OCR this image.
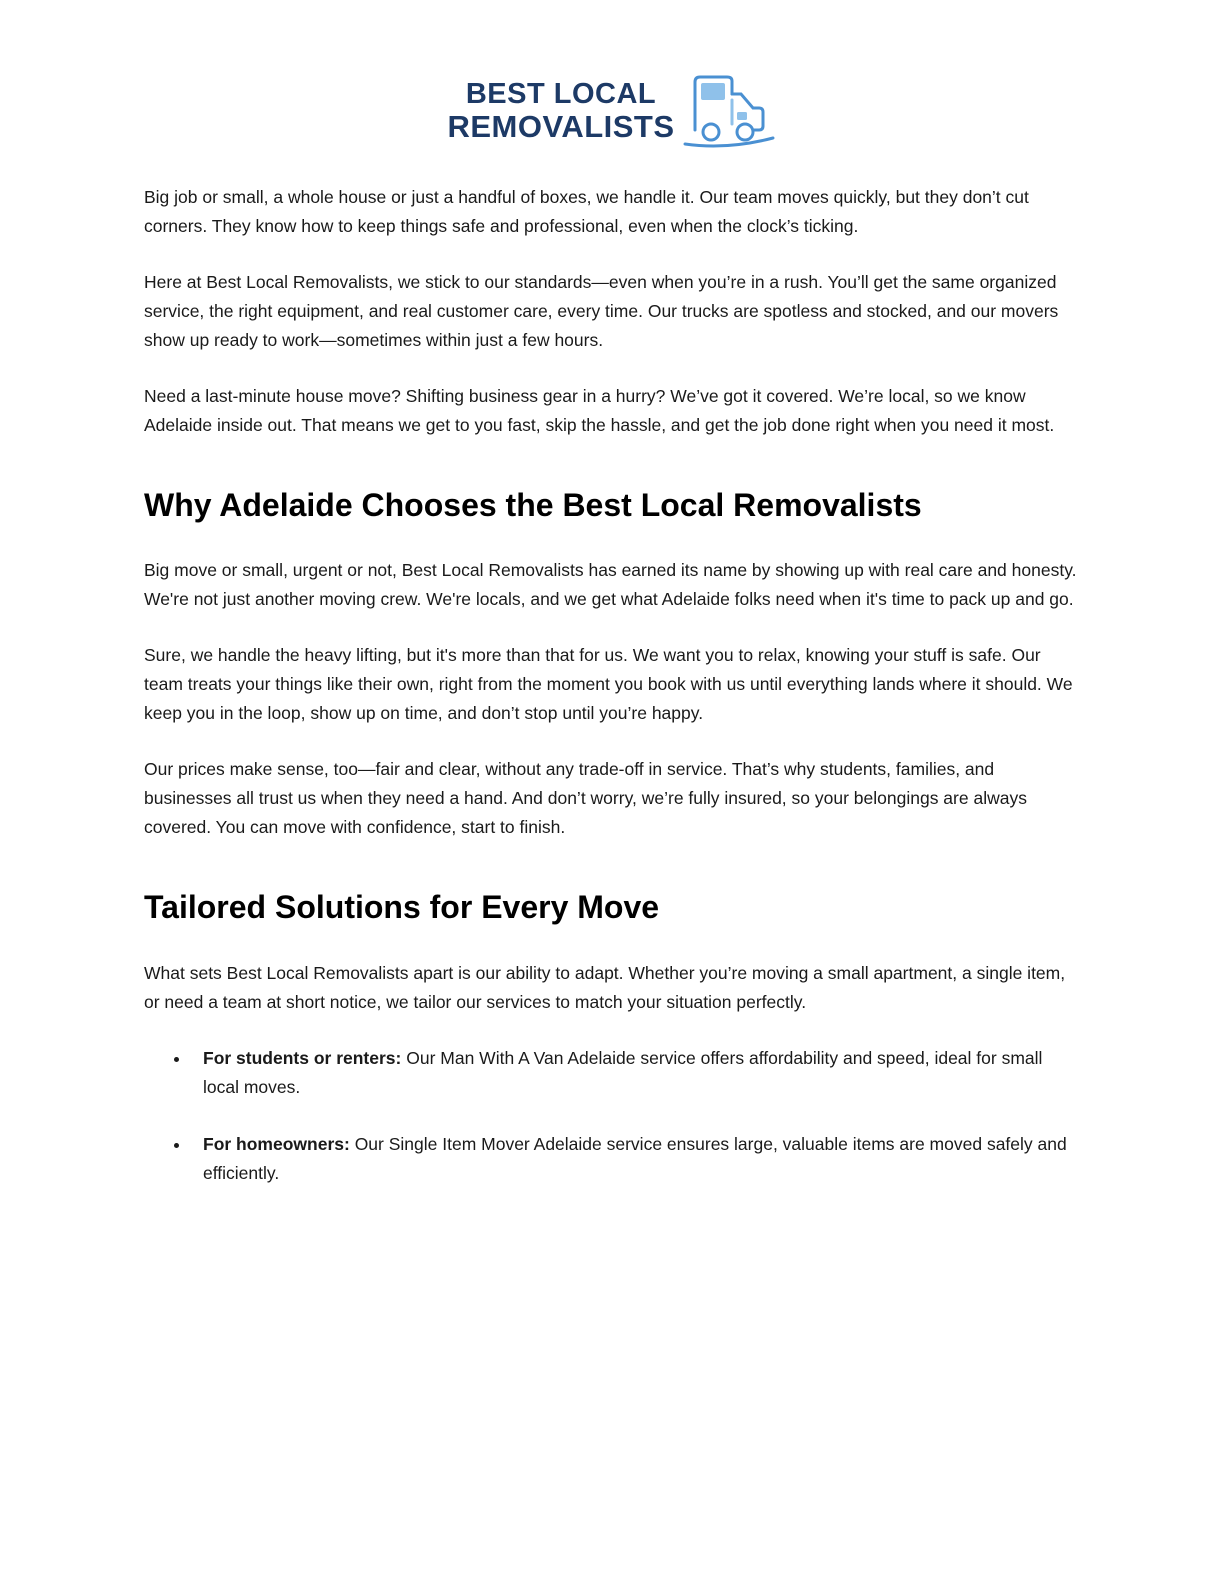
BEST LOCAL
REMOVALISTS

Big job or small, a whole house or just a handful of boxes, we handle it. Our team moves quickly, but they don’t cut corners. They know how to keep things safe and professional, even when the clock’s ticking.

Here at Best Local Removalists, we stick to our standards—even when you’re in a rush. You’ll get the same organized service, the right equipment, and real customer care, every time. Our trucks are spotless and stocked, and our movers show up ready to work—sometimes within just a few hours.

Need a last-minute house move? Shifting business gear in a hurry? We’ve got it covered. We’re local, so we know Adelaide inside out. That means we get to you fast, skip the hassle, and get the job done right when you need it most.

Why Adelaide Chooses the Best Local Removalists

Big move or small, urgent or not, Best Local Removalists has earned its name by showing up with real care and honesty. We're not just another moving crew. We're locals, and we get what Adelaide folks need when it's time to pack up and go.

Sure, we handle the heavy lifting, but it's more than that for us. We want you to relax, knowing your stuff is safe. Our team treats your things like their own, right from the moment you book with us until everything lands where it should. We keep you in the loop, show up on time, and don’t stop until you’re happy.

Our prices make sense, too—fair and clear, without any trade-off in service. That’s why students, families, and businesses all trust us when they need a hand. And don’t worry, we’re fully insured, so your belongings are always covered. You can move with confidence, start to finish.

Tailored Solutions for Every Move

What sets Best Local Removalists apart is our ability to adapt. Whether you’re moving a small apartment, a single item, or need a team at short notice, we tailor our services to match your situation perfectly.

• For students or renters: Our Man With A Van Adelaide service offers affordability and speed, ideal for small local moves.
• For homeowners: Our Single Item Mover Adelaide service ensures large, valuable items are moved safely and efficiently.
